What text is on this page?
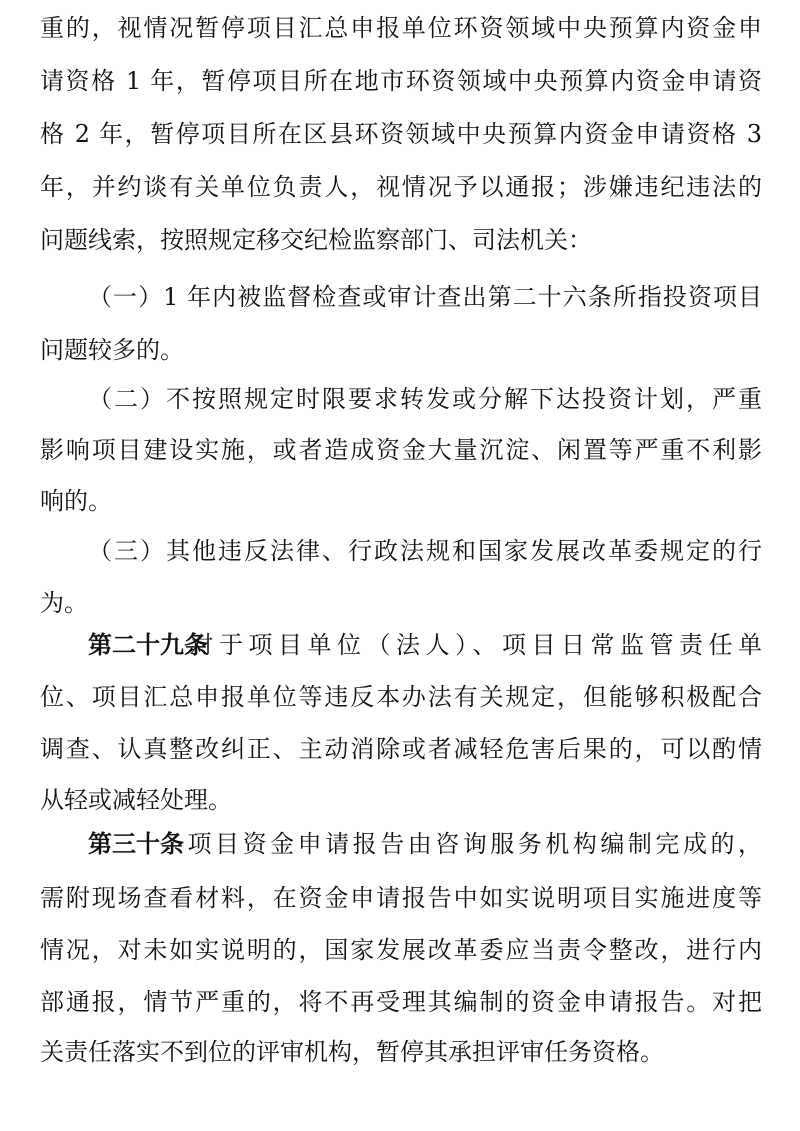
重的，视情况暂停项目汇总申报单位环资领域中央预算内资金申
请资格 1 年，暂停项目所在地市环资领域中央预算内资金申请资
格 2 年，暂停项目所在区县环资领域中央预算内资金申请资格 3
年，并约谈有关单位负责人，视情况予以通报；涉嫌违纪违法的
问题线索，按照规定移交纪检监察部门、司法机关：
（一）1 年内被监督检查或审计查出第二十六条所指投资项目
问题较多的。
（二）不按照规定时限要求转发或分解下达投资计划，严重
影响项目建设实施，或者造成资金大量沉淀、闲置等严重不利影
响的。
（三）其他违反法律、行政法规和国家发展改革委规定的行
为。
第二十九条对于项目单位（法人）、项目日常监管责任单
位、项目汇总申报单位等违反本办法有关规定，但能够积极配合
调查、认真整改纠正、主动消除或者减轻危害后果的，可以酌情
从轻或减轻处理。
第三十条项目资金申请报告由咨询服务机构编制完成的，
需附现场查看材料，在资金申请报告中如实说明项目实施进度等
情况，对未如实说明的，国家发展改革委应当责令整改，进行内
部通报，情节严重的，将不再受理其编制的资金申请报告。对把
关责任落实不到位的评审机构，暂停其承担评审任务资格。
